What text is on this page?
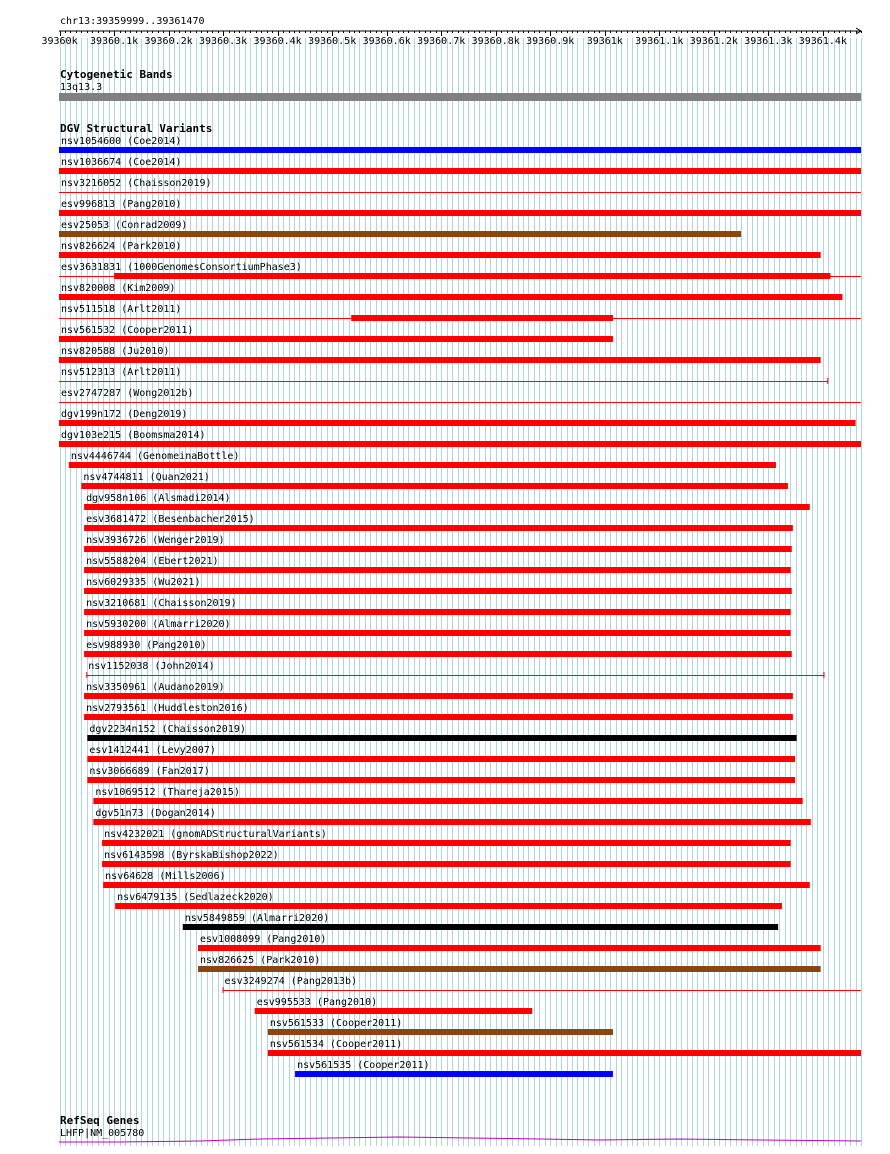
chr13:39359999..39361470
39360k 39360.1k 39360.2k 39360.3k 39360.4k 39360.5k 39360.6k 39360.7k 39360.8k 39360.9k 39361k 39361.1k 39361.2k 39361.3k 39361.4k
Cytogenetic Bands
13q13.3
DGV Structural Variants
nsv1054600 (Coe2014)
nsv1036674 (Coe2014)
nsv3216052 (Chaisson2019)
esv996813 (Pang2010)
esv25053 (Conrad2009)
nsv826624 (Park2010)
esv3631831 (1000GenomesConsortiumPhase3)
nsv820008 (Kim2009)
nsv511518 (Arlt2011)
nsv561532 (Cooper2011)
nsv820588 (Ju2010)
nsv512313 (Arlt2011)
esv2747287 (Wong2012b)
dgv199n172 (Deng2019)
dgv103e215 (Boomsma2014)
nsv4446744 (GenomeinaBottle)
nsv4744811 (Quan2021)
dgv958n106 (Alsmadi2014)
esv3681472 (Besenbacher2015)
nsv3936726 (Wenger2019)
nsv5588204 (Ebert2021)
nsv6029335 (Wu2021)
nsv3210681 (Chaisson2019)
nsv5930200 (Almarri2020)
esv988930 (Pang2010)
nsv1152038 (John2014)
nsv3350961 (Audano2019)
nsv2793561 (Huddleston2016)
dgv2234n152 (Chaisson2019)
esv1412441 (Levy2007)
nsv3066689 (Fan2017)
nsv1069512 (Thareja2015)
dgv51n73 (Dogan2014)
nsv4232021 (gnomADStructuralVariants)
nsv6143598 (ByrskaBishop2022)
nsv64628 (Mills2006)
nsv6479135 (Sedlazeck2020)
nsv5849859 (Almarri2020)
esv1008099 (Pang2010)
nsv826625 (Park2010)
esv3249274 (Pang2013b)
esv995533 (Pang2010)
nsv561533 (Cooper2011)
nsv561534 (Cooper2011)
nsv561535 (Cooper2011)
RefSeq Genes
LHFP|NM_005780
